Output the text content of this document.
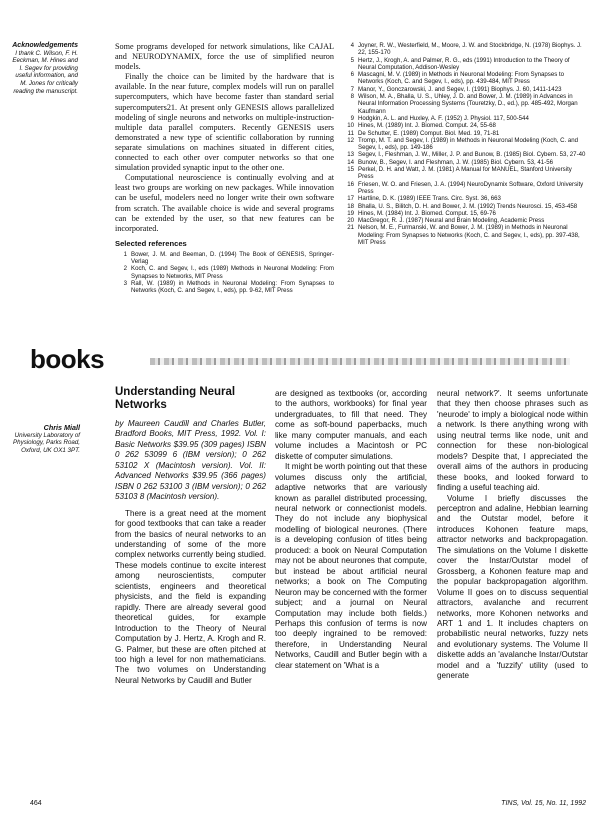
Acknowledgements
I thank C. Wilson, F. H. Eeckman, M. Hines and I. Segev for providing useful information, and M. Jones for critically reading the manuscript.

Some programs developed for network simulations, like CAJAL and NEURODYNAMIX, force the use of simplified neuron models.

Finally the choice can be limited by the hardware that is available. In the near future, complex models will run on parallel supercomputers, which have become faster than standard serial supercomputers21. At present only GENESIS allows parallelized modeling of single neurons and networks on multiple-instruction-multiple data parallel computers. Recently GENESIS users demonstrated a new type of scientific collaboration by running separate simulations on machines situated in different cities, connected to each other over computer networks so that one simulation provided synaptic input to the other one.

Computational neuroscience is continually evolving and at least two groups are working on new packages. While innovation can be useful, modelers need no longer write their own software from scratch. The available choice is wide and several programs can be extended by the user, so that new features can be incorporated.

Selected references
1 Bower, J. M. and Beeman, D. (1994) The Book of GENESIS, Springer-Verlag
2 Koch, C. and Segev, I., eds (1989) Methods in Neuronal Modeling: From Synapses to Networks, MIT Press
3 Rall, W. (1989) in Methods in Neuronal Modeling: From Synapses to Networks (Koch, C. and Segev, I., eds), pp. 9-62, MIT Press
4 Joyner, R. W., Westerfield, M., Moore, J. W. and Stockbridge, N. (1978) Biophys. J. 22, 155-170
5 Hertz, J., Krogh, A. and Palmer, R. G., eds (1991) Introduction to the Theory of Neural Computation, Addison-Wesley
6 Mascagni, M. V. (1989) in Methods in Neuronal Modeling: From Synapses to Networks (Koch, C. and Segev, I., eds), pp. 439-484, MIT Press
7 Manor, Y., Gonczarowski, J. and Segev, I. (1991) Biophys. J. 60, 1411-1423
8 Wilson, M. A., Bhalla, U. S., Uhley, J. D. and Bower, J. M. (1989) in Advances in Neural Information Processing Systems (Touretzky, D., ed.), pp. 485-492, Morgan Kaufmann
9 Hodgkin, A. L. and Huxley, A. F. (1952) J. Physiol. 117, 500-544
10 Hines, M. (1989) Int. J. Biomed. Comput. 24, 55-68
11 De Schutter, E. (1989) Comput. Biol. Med. 19, 71-81
12 Tromp, M. T. and Segev, I. (1989) in Methods in Neuronal Modeling (Koch, C. and Segev, I., eds), pp. 149-186
13 Segev, I., Fleshman, J. W., Miller, J. P. and Bunow, B. (1985) Biol. Cybern. 53, 27-40
14 Bunow, B., Segev, I. and Fleshman, J. W. (1985) Biol. Cybern. 53, 41-56
15 Perkel, D. H. and Watt, J. M. (1981) A Manual for MANUEL, Stanford University Press
16 Friesen, W. O. and Friesen, J. A. (1994) NeuroDynamix Software, Oxford University Press
17 Hartline, D. K. (1989) IEEE Trans. Circ. Syst. 36, 663
18 Bhalla, U. S., Bilitch, D. H. and Bower, J. M. (1992) Trends Neurosci. 15, 453-458
19 Hines, M. (1984) Int. J. Biomed. Comput. 15, 69-76
20 MacGregor, R. J. (1987) Neural and Brain Modeling, Academic Press
21 Nelson, M. E., Furmanski, W. and Bower, J. M. (1989) in Methods in Neuronal Modeling: From Synapses to Networks (Koch, C. and Segev, I., eds), pp. 397-438, MIT Press
books
Understanding Neural Networks
Chris Miall
University Laboratory of Physiology, Parks Road, Oxford, UK OX1 3PT.

by Maureen Caudill and Charles Butler, Bradford Books, MIT Press, 1992. Vol. I: Basic Networks $39.95 (309 pages) ISBN 0 262 53099 6 (IBM version); 0 262 53102 X (Macintosh version). Vol. II: Advanced Networks $39.95 (366 pages) ISBN 0 262 53100 3 (IBM version); 0 262 53103 8 (Macintosh version).

There is a great need at the moment for good textbooks that can take a reader from the basics of neural networks to an understanding of some of the more complex networks currently being studied. These models continue to excite interest among neuroscientists, computer scientists, engineers and theoretical physicists, and the field is expanding rapidly. There are already several good theoretical guides, for example Introduction to the Theory of Neural Computation by J. Hertz, A. Krogh and R. G. Palmer, but these are often pitched at too high a level for non mathematicians. The two volumes on Understanding Neural Networks by Caudill and Butler

are designed as textbooks (or, according to the authors, workbooks) for final year undergraduates, to fill that need. They come as soft-bound paperbacks, much like many computer manuals, and each volume includes a Macintosh or PC diskette of computer simulations.

It might be worth pointing out that these volumes discuss only the artificial, adaptive networks that are variously known as parallel distributed processing, neural network or connectionist models. They do not include any biophysical modelling of biological neurones. (There is a developing confusion of titles being produced: a book on Neural Computation may not be about neurones that compute, but instead be about artificial neural networks; a book on The Computing Neuron may be concerned with the former subject; and a journal on Neural Computation may include both fields.) Perhaps this confusion of terms is now too deeply ingrained to be removed: therefore, in Understanding Neural Networks, Caudill and Butler begin with a clear statement on 'What is a

neural network?'. It seems unfortunate that they then choose phrases such as 'neurode' to imply a biological node within a network. Is there anything wrong with using neutral terms like node, unit and connection for these non-biological models? Despite that, I appreciated the overall aims of the authors in producing these books, and looked forward to finding a useful teaching aid.

Volume I briefly discusses the perceptron and adaline, Hebbian learning and the Outstar model, before it introduces Kohonen feature maps, attractor networks and backpropagation. The simulations on the Volume I diskette cover the Instar/Outstar model of Grossberg, a Kohonen feature map and the popular backpropagation algorithm. Volume II goes on to discuss sequential attractors, avalanche and recurrent networks, more Kohonen networks and ART 1 and 1. It includes chapters on probabilistic neural networks, fuzzy nets and evolutionary systems. The Volume II diskette adds an 'avalanche Instar/Outstar model and a 'fuzzify' utility (used to generate

464	TINS, Vol. 15, No. 11, 1992
